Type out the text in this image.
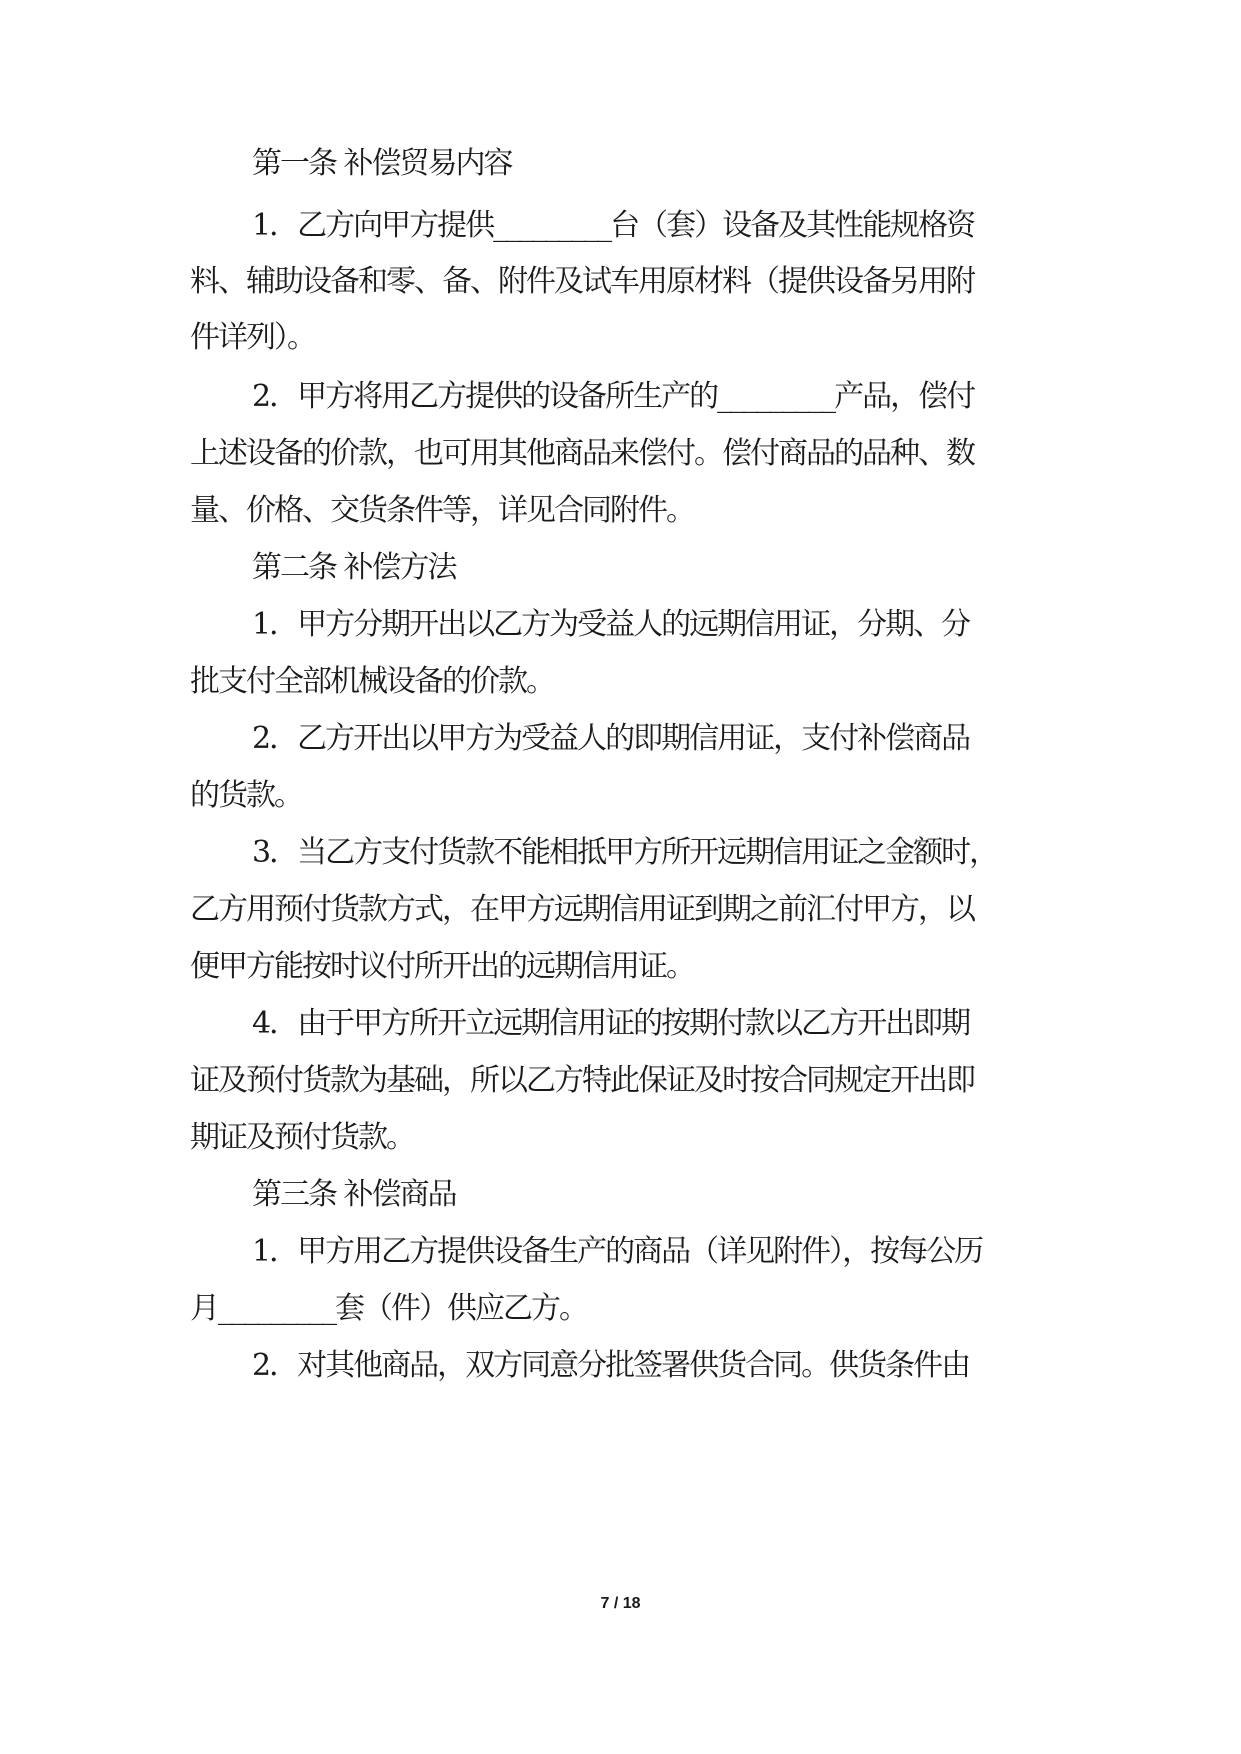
第一条 补偿贸易内容
1．乙方向甲方提供_________台（套）设备及其性能规格资
料、辅助设备和零、备、附件及试车用原材料（提供设备另用附
件详列）。
2．甲方将用乙方提供的设备所生产的_________产品，偿付
上述设备的价款，也可用其他商品来偿付。偿付商品的品种、数
量、价格、交货条件等，详见合同附件。
第二条 补偿方法
1．甲方分期开出以乙方为受益人的远期信用证，分期、分
批支付全部机械设备的价款。
2．乙方开出以甲方为受益人的即期信用证，支付补偿商品
的货款。
3．当乙方支付货款不能相抵甲方所开远期信用证之金额时，
乙方用预付货款方式，在甲方远期信用证到期之前汇付甲方，以
便甲方能按时议付所开出的远期信用证。
4．由于甲方所开立远期信用证的按期付款以乙方开出即期
证及预付货款为基础，所以乙方特此保证及时按合同规定开出即
期证及预付货款。
第三条 补偿商品
1．甲方用乙方提供设备生产的商品（详见附件），按每公历
月_________套（件）供应乙方。
2．对其他商品，双方同意分批签署供货合同。供货条件由
7 / 18
